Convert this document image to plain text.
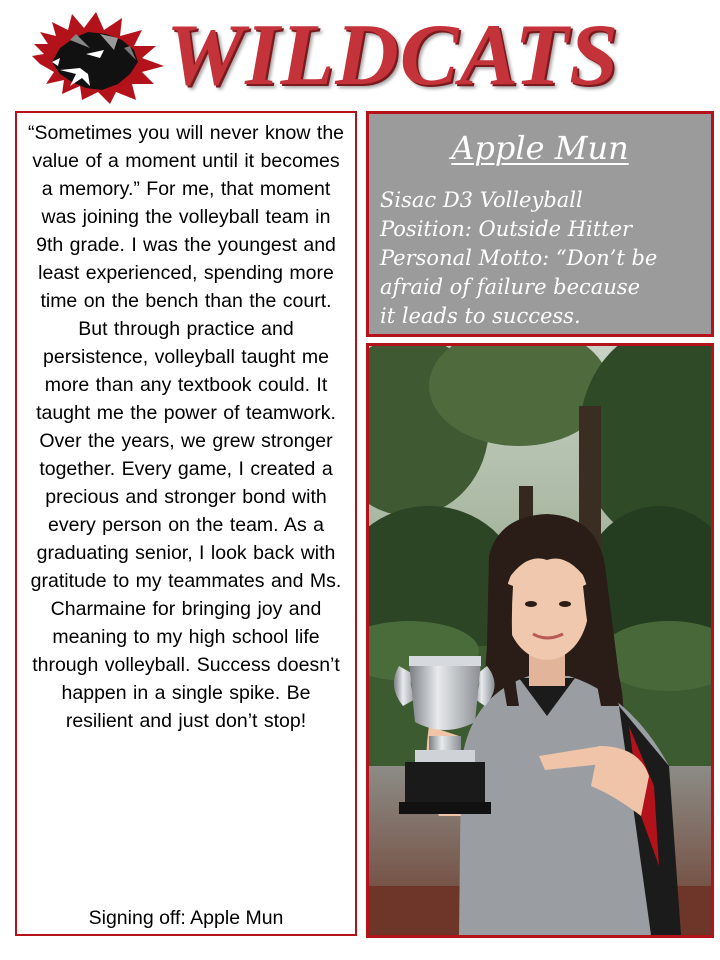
WILDCATS

“Sometimes you will never know the value of a moment until it becomes a memory.” For me, that moment was joining the volleyball team in 9th grade. I was the youngest and least experienced, spending more time on the bench than the court. But through practice and persistence, volleyball taught me more than any textbook could. It taught me the power of teamwork. Over the years, we grew stronger together. Every game, I created a precious and stronger bond with every person on the team. As a graduating senior, I look back with gratitude to my teammates and Ms. Charmaine for bringing joy and meaning to my high school life through volleyball. Success doesn’t happen in a single spike. Be resilient and just don’t stop!

Signing off: Apple Mun

Apple Mun
Sisac D3 Volleyball
Position: Outside Hitter
Personal Motto: “Don’t be
afraid of failure because
it leads to success.
